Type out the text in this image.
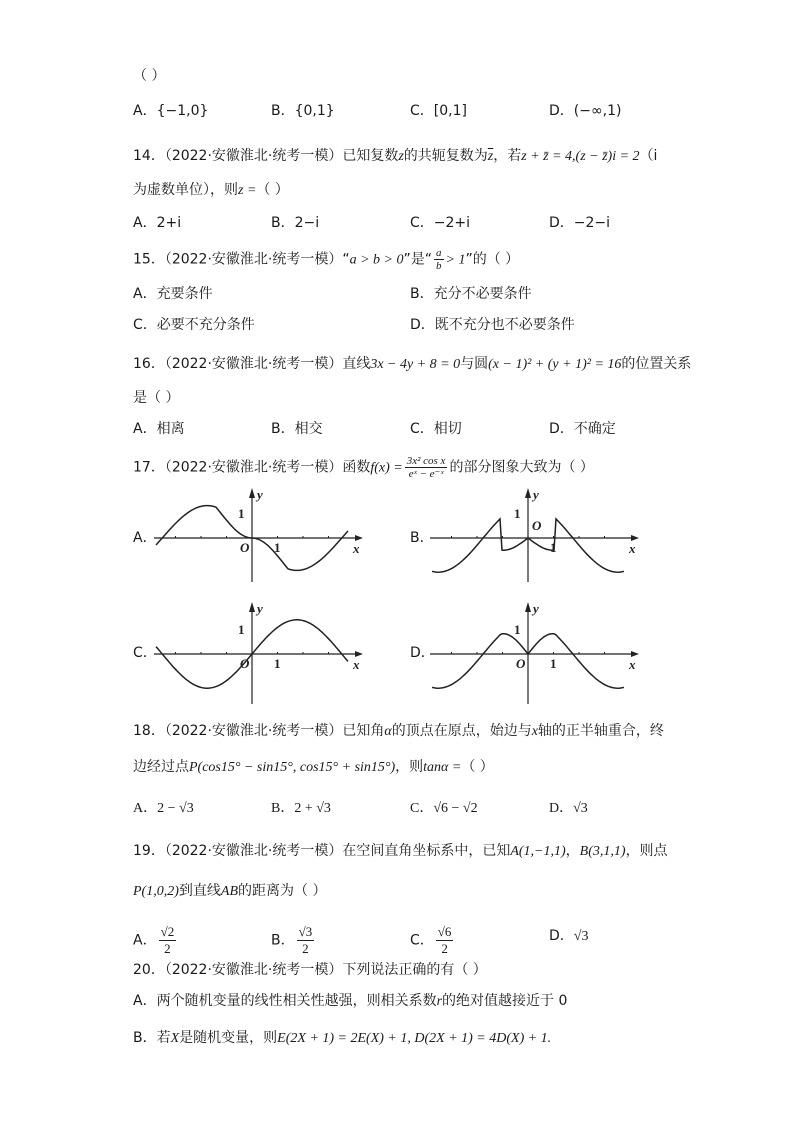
（ ）
A．{−1,0}	B．{0,1}	C．[0,1]	D．(−∞,1)
14．（2022·安徽淮北·统考一模）已知复数z的共轭复数为$\overline{z}$，若z + z̄ = 4,(z − z̄)i = 2（i
为虚数单位），则z =（ ）
A．2+i	B．2−i	C．−2+i	D．−2−i
15．（2022·安徽淮北·统考一模）“a > b > 0”是“ $\frac{a}{b} > 1$”的（ ）
A．充要条件	B．充分不必要条件
C．必要不充分条件	D．既不充分也不必要条件
16．（2022·安徽淮北·统考一模）直线3x − 4y + 8 = 0与圆(x − 1)² + (y + 1)² = 16的位置关系
是（ ）
A．相离	B．相交	C．相切	D．不确定
17．（2022·安徽淮北·统考一模）函数$f(x) = \frac{\text{3x² cos x}}{\text{eˣ − e⁻ˣ}}$ 的部分图象大致为（ ）
A．	B．
C．	D．
y
x
O
1
1
y
x
O
1
1
y
x
O
1
1
y
x
O
1
1
18．（2022·安徽淮北·统考一模）已知角α的顶点在原点，始边与x轴的正半轴重合，终
边经过点P(cos15° − sin15°, cos15° + sin15°)，则tanα =（ ）
A．2 − √3	B．2 + √3	C．√6 − √2	D．√3
19．（2022·安徽淮北·统考一模）在空间直角坐标系中，已知A(1,−1,1)，B(3,1,1)，则点
P(1,0,2)到直线AB的距离为（ ）
A． $\frac{√2}{2}$	B． $\frac{√3}{2}$	C． $\frac{√6}{2}$	D．√3
20．（2022·安徽淮北·统考一模）下列说法正确的有（ ）
A．两个随机变量的线性相关性越强，则相关系数r的绝对值越接近于 0
B．若X是随机变量，则E(2X + 1) = 2E(X) + 1, D(2X + 1) = 4D(X) + 1.
